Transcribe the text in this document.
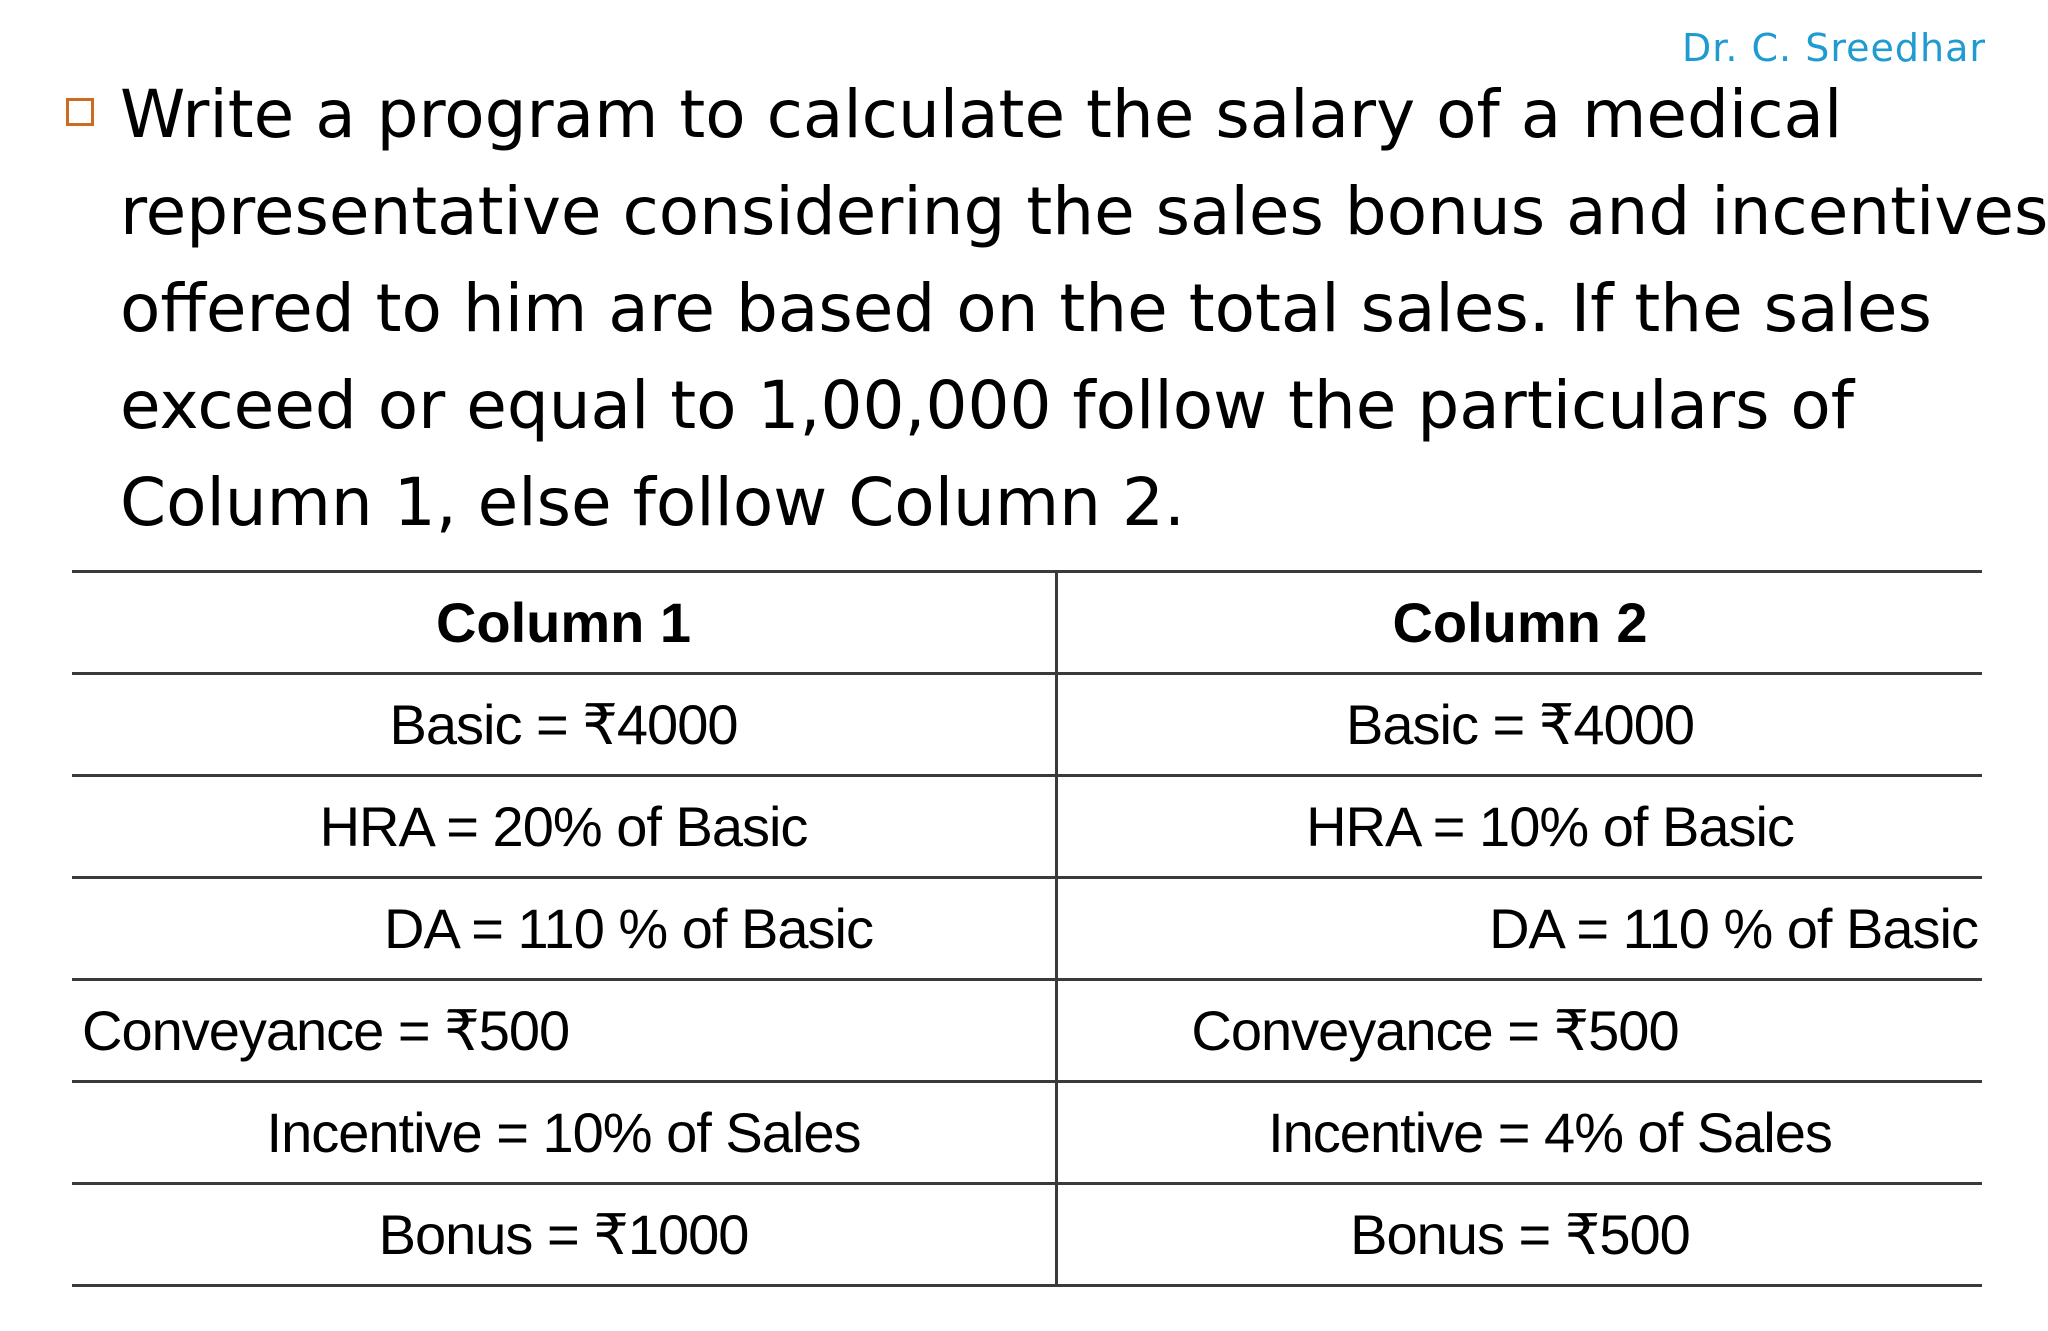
Dr. C. Sreedhar

Write a program to calculate the salary of a medical
representative considering the sales bonus and incentives
offered to him are based on the total sales. If the sales
exceed or equal to 1,00,000 follow the particulars of
Column 1, else follow Column 2.

Column 1	Column 2
Basic = ₹4000	Basic = ₹4000
HRA = 20% of Basic	HRA = 10% of Basic
DA = 110 % of Basic	DA = 110 % of Basic
Conveyance = ₹500	Conveyance = ₹500
Incentive = 10% of Sales	Incentive = 4% of Sales
Bonus = ₹1000	Bonus = ₹500
